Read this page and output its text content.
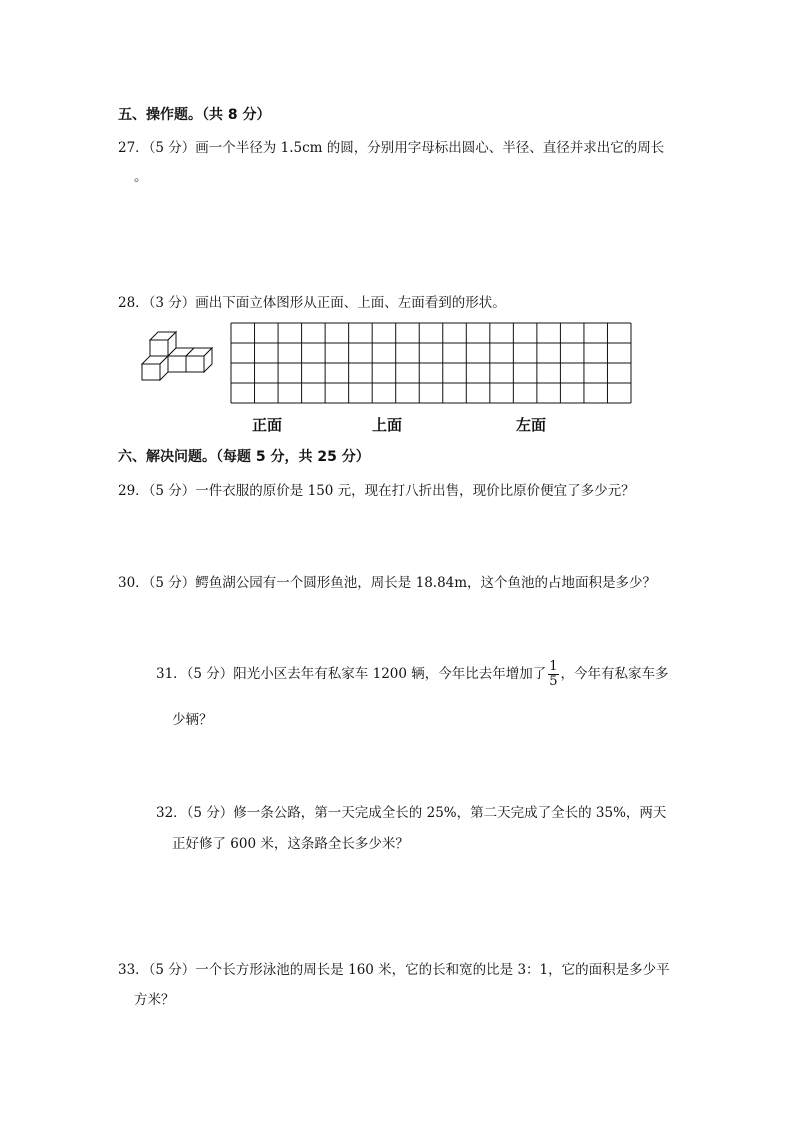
五、操作题。（共 8 分）
27．（5 分）画一个半径为 1.5cm 的圆，分别用字母标出圆心、半径、直径并求出它的周长
。
28．（3 分）画出下面立体图形从正面、上面、左面看到的形状。
正面	上面	左面
六、解决问题。（每题 5 分，共 25 分）
29．（5 分）一件衣服的原价是 150 元，现在打八折出售，现价比原价便宜了多少元？
30．（5 分）鳄鱼湖公园有一个圆形鱼池，周长是 18.84m，这个鱼池的占地面积是多少？
31．（5 分）阳光小区去年有私家车 1200 辆，今年比去年增加了 $\frac{1}{5}$ ，今年有私家车多
少辆？
32．（5 分）修一条公路，第一天完成全长的 25%，第二天完成了全长的 35%，两天
正好修了 600 米，这条路全长多少米？
33．（5 分）一个长方形泳池的周长是 160 米，它的长和宽的比是 3：1，它的面积是多少平
方米？
